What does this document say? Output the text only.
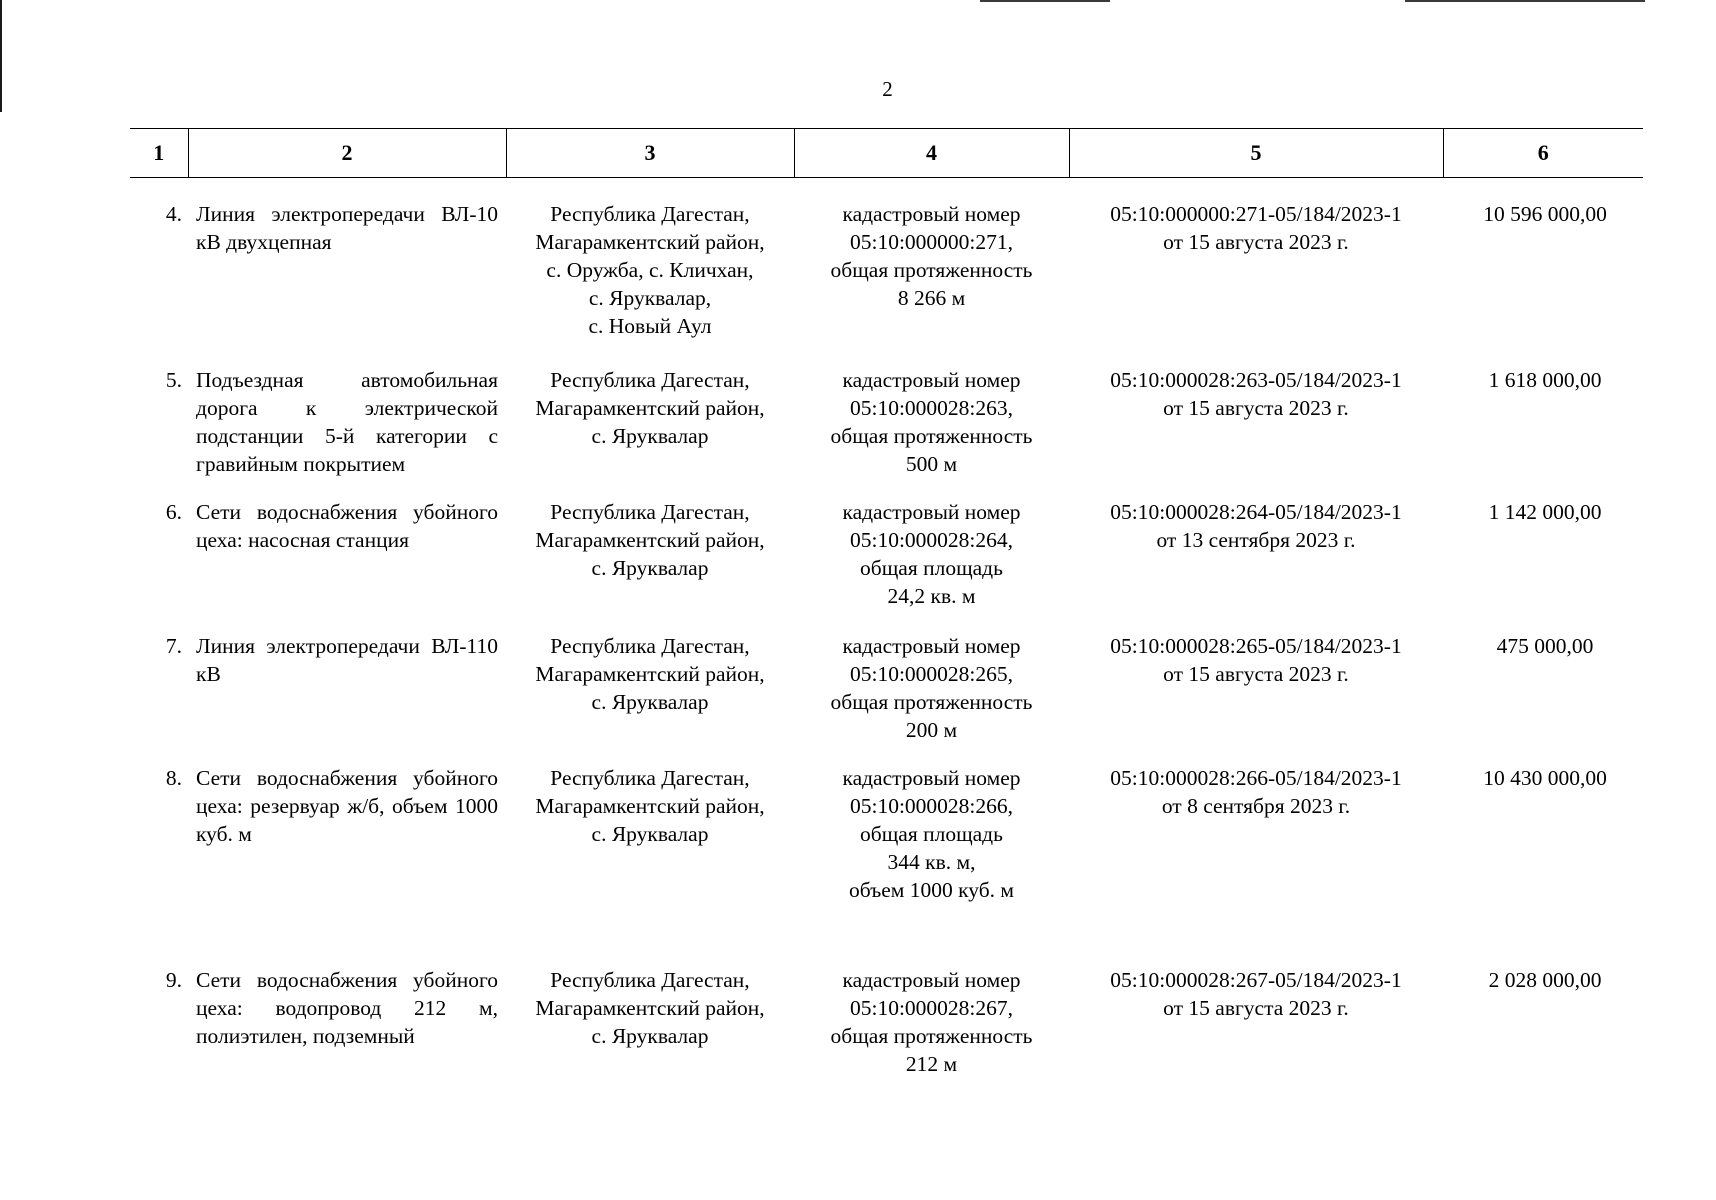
2
1	2	3	4	5	6
4.	Линия электропередачи ВЛ-10 кВ двухцепная	Республика Дагестан,
Магарамкентский район,
с. Оружба, с. Кличхан,
с. Яруквалар,
с. Новый Аул	кадастровый номер
05:10:000000:271,
общая протяженность
8 266 м	05:10:000000:271-05/184/2023-1
от 15 августа 2023 г.	10 596 000,00
5.	Подъездная автомобильная дорога к электрической подстанции 5-й категории с гравийным покрытием	Республика Дагестан,
Магарамкентский район,
с. Яруквалар	кадастровый номер
05:10:000028:263,
общая протяженность
500 м	05:10:000028:263-05/184/2023-1
от 15 августа 2023 г.	1 618 000,00
6.	Сети водоснабжения убойного цеха: насосная станция	Республика Дагестан,
Магарамкентский район,
с. Яруквалар	кадастровый номер
05:10:000028:264,
общая площадь
24,2 кв. м	05:10:000028:264-05/184/2023-1
от 13 сентября 2023 г.	1 142 000,00
7.	Линия электропередачи ВЛ-110 кВ	Республика Дагестан,
Магарамкентский район,
с. Яруквалар	кадастровый номер
05:10:000028:265,
общая протяженность
200 м	05:10:000028:265-05/184/2023-1
от 15 августа 2023 г.	475 000,00
8.	Сети водоснабжения убойного цеха: резервуар ж/б, объем 1000 куб. м	Республика Дагестан,
Магарамкентский район,
с. Яруквалар	кадастровый номер
05:10:000028:266,
общая площадь
344 кв. м,
объем 1000 куб. м	05:10:000028:266-05/184/2023-1
от 8 сентября 2023 г.	10 430 000,00
9.	Сети водоснабжения убойного цеха: водопровод 212 м, полиэтилен, подземный	Республика Дагестан,
Магарамкентский район,
с. Яруквалар	кадастровый номер
05:10:000028:267,
общая протяженность
212 м	05:10:000028:267-05/184/2023-1
от 15 августа 2023 г.	2 028 000,00
